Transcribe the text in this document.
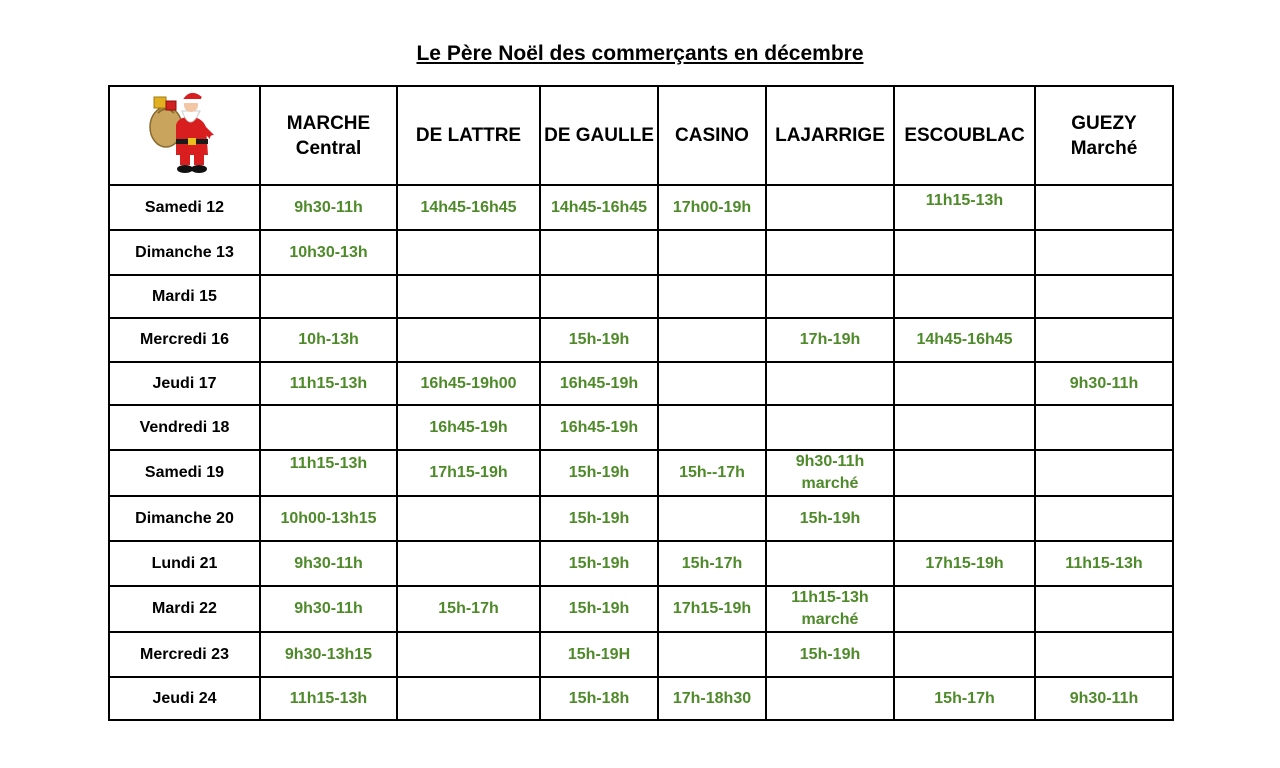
Le Père Noël des commerçants en décembre
	MARCHE
Central	DE LATTRE	DE GAULLE	CASINO	LAJARRIGE	ESCOUBLAC	GUEZY
Marché
Samedi 12	9h30-11h	14h45-16h45	14h45-16h45	17h00-19h		11h15-13h	
Dimanche 13	10h30-13h						
Mardi 15							
Mercredi 16	10h-13h		15h-19h		17h-19h	14h45-16h45	
Jeudi 17	11h15-13h	16h45-19h00	16h45-19h				9h30-11h
Vendredi 18		16h45-19h	16h45-19h				
Samedi 19	11h15-13h	17h15-19h	15h-19h	15h--17h	9h30-11h
marché		
Dimanche 20	10h00-13h15		15h-19h		15h-19h		
Lundi 21	9h30-11h		15h-19h	15h-17h		17h15-19h	11h15-13h
Mardi 22	9h30-11h	15h-17h	15h-19h	17h15-19h	11h15-13h
marché		
Mercredi 23	9h30-13h15		15h-19H		15h-19h		
Jeudi 24	11h15-13h		15h-18h	17h-18h30		15h-17h	9h30-11h
